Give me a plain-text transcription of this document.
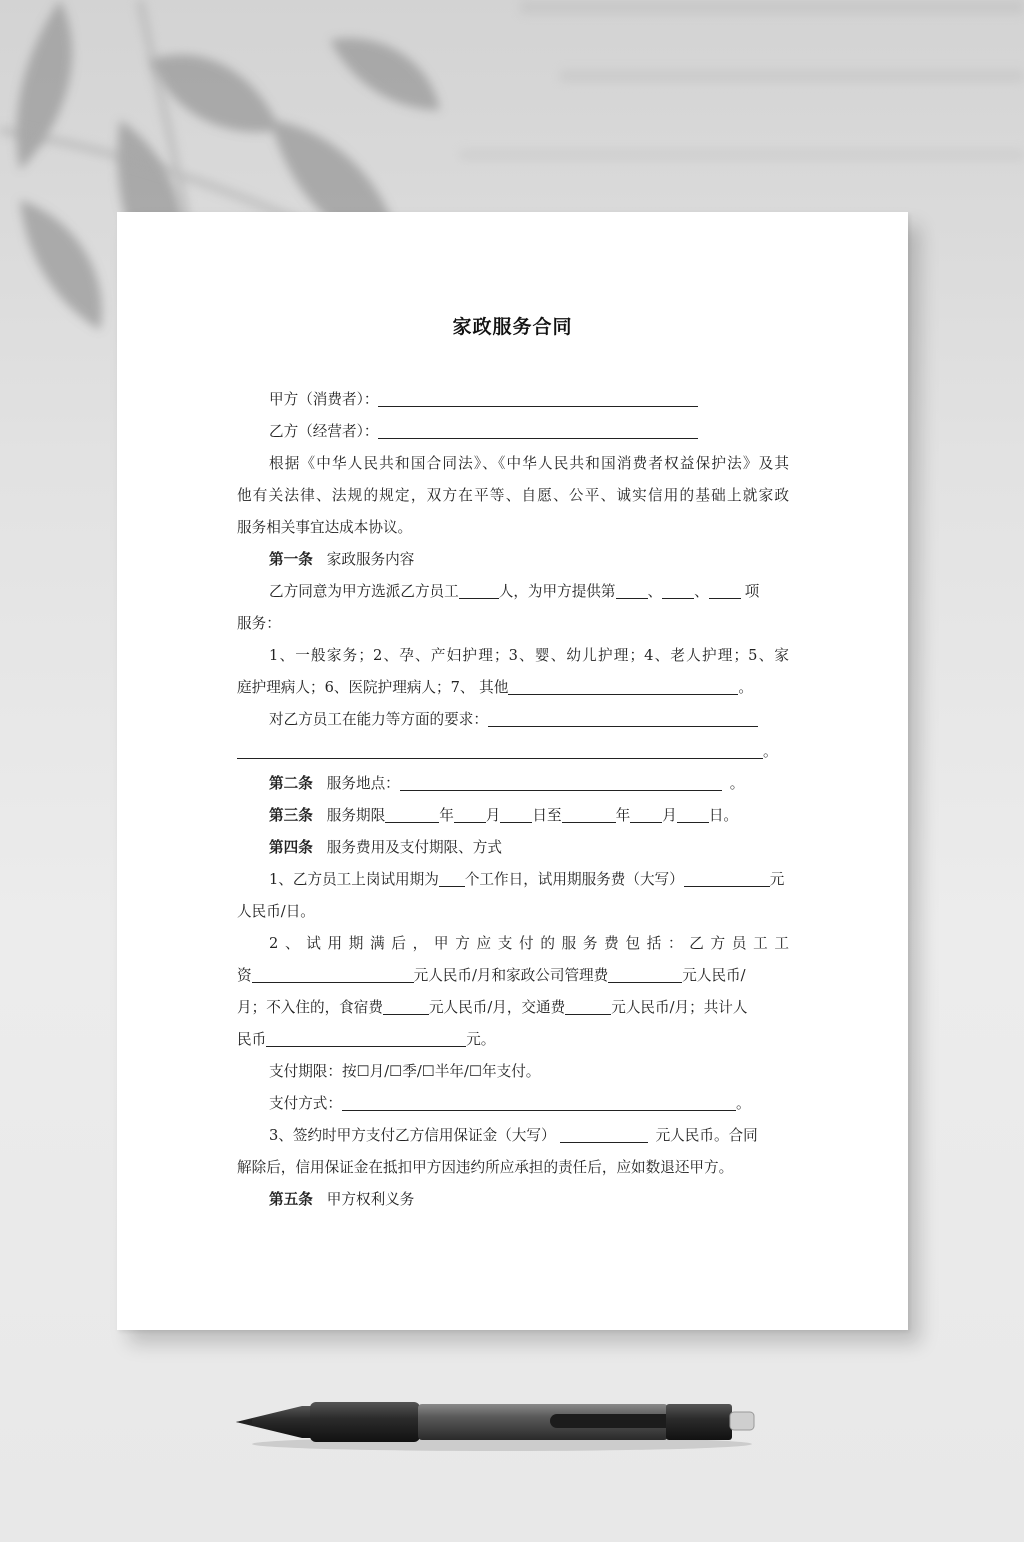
家政服务合同
甲方（消费者）：
乙方（经营者）：
根据《中华人民共和国合同法》、《中华人民共和国消费者权益保护法》及其
他有关法律、法规的规定，双方在平等、自愿、公平、诚实信用的基础上就家政
服务相关事宜达成本协议。
第一条 家政服务内容
乙方同意为甲方选派乙方员工	人，为甲方提供第 、 、 项
服务：
1、一般家务；2、孕、产妇护理；3、婴、幼儿护理；4、老人护理；5、家
庭护理病人；6、医院护理病人；7、 其他	。
对乙方员工在能力等方面的要求：
。
第二条 服务地点：	。
第三条 服务期限	年 月 日至	年 月 日。
第四条 服务费用及支付期限、方式
1、乙方员工上岗试用期为 个工作日，试用期服务费（大写）	元
人民币/日。
2、试用期满后，甲方应支付的服务费包括：乙方员工工
资	元人民币/月和家政公司管理费	元人民币/
月；不入住的，食宿费	元人民币/月，交通费	元人民币/月；共计人
民币	元。
支付期限：按☐月/☐季/☐半年/☐年支付。
支付方式：	。
3、签约时甲方支付乙方信用保证金（大写）	元人民币。合同
解除后，信用保证金在抵扣甲方因违约所应承担的责任后，应如数退还甲方。
第五条 甲方权利义务
